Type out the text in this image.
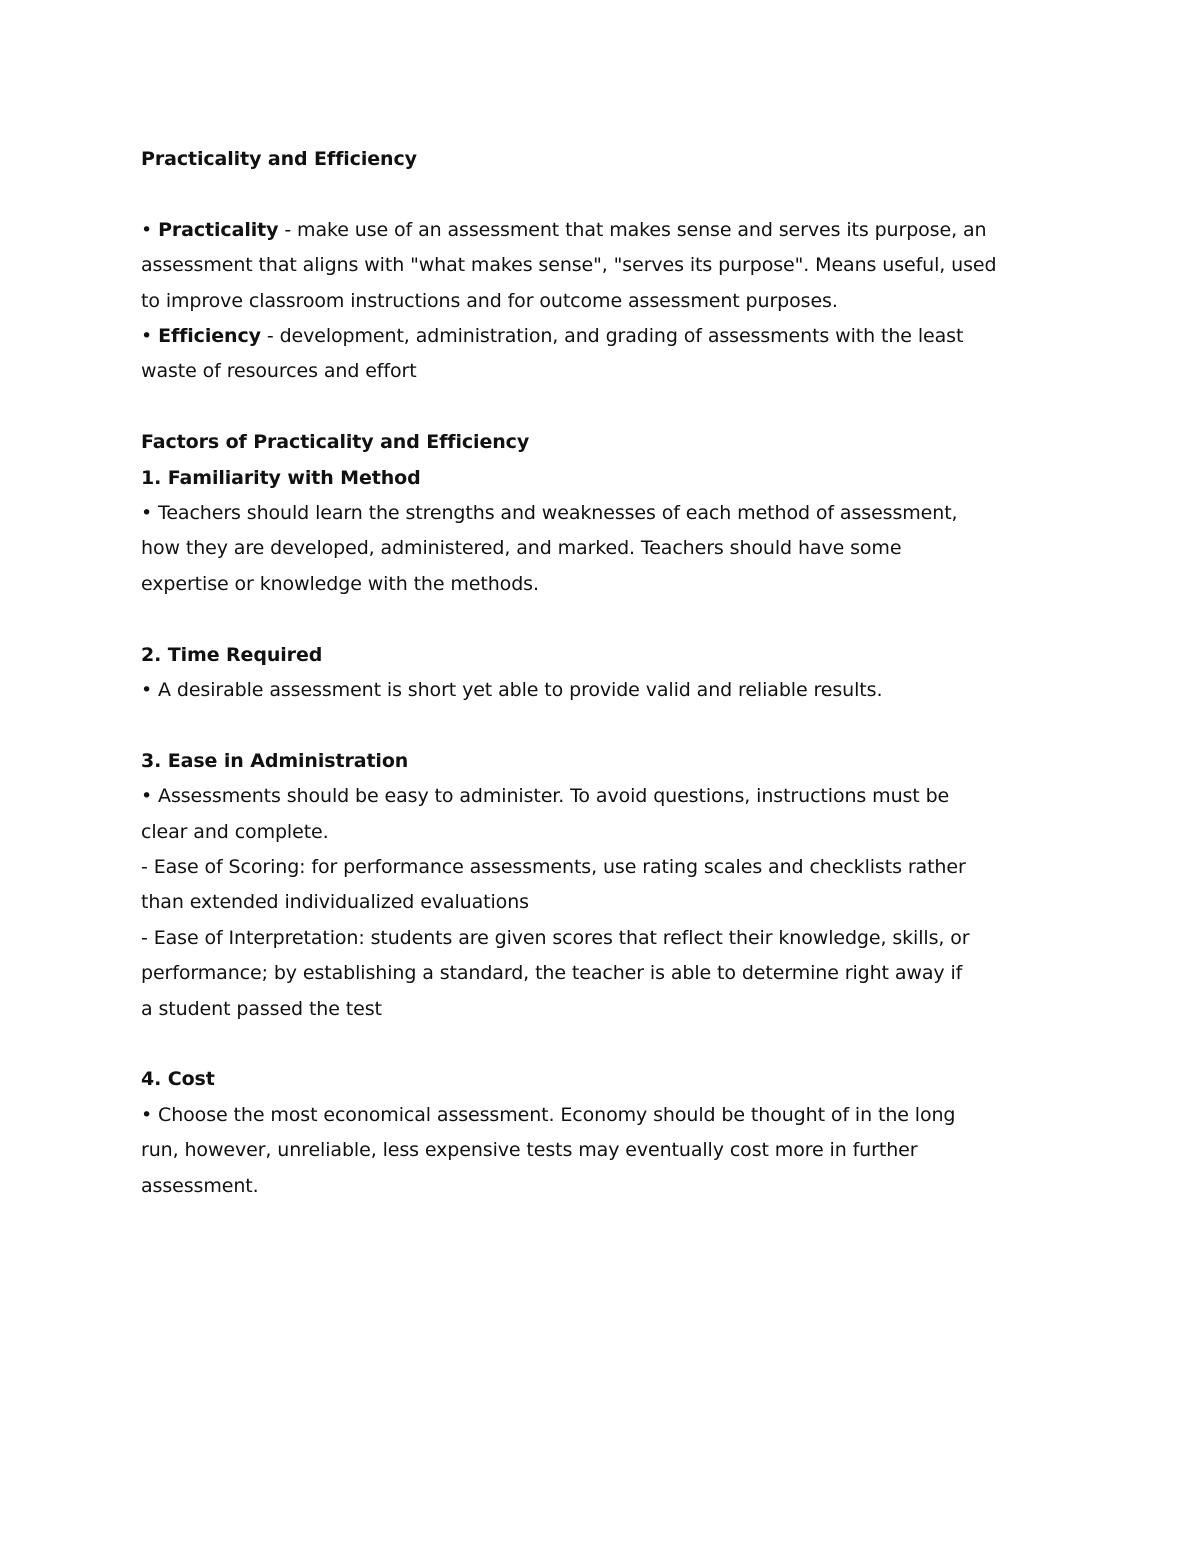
Practicality and Efficiency
• Practicality - make use of an assessment that makes sense and serves its purpose, an
assessment that aligns with "what makes sense", "serves its purpose". Means useful, used
to improve classroom instructions and for outcome assessment purposes.
• Efficiency - development, administration, and grading of assessments with the least
waste of resources and effort
Factors of Practicality and Efficiency
1. Familiarity with Method
• Teachers should learn the strengths and weaknesses of each method of assessment,
how they are developed, administered, and marked. Teachers should have some
expertise or knowledge with the methods.
2. Time Required
• A desirable assessment is short yet able to provide valid and reliable results.
3. Ease in Administration
• Assessments should be easy to administer. To avoid questions, instructions must be
clear and complete.
- Ease of Scoring: for performance assessments, use rating scales and checklists rather
than extended individualized evaluations
- Ease of Interpretation: students are given scores that reflect their knowledge, skills, or
performance; by establishing a standard, the teacher is able to determine right away if
a student passed the test
4. Cost
• Choose the most economical assessment. Economy should be thought of in the long
run, however, unreliable, less expensive tests may eventually cost more in further
assessment.
